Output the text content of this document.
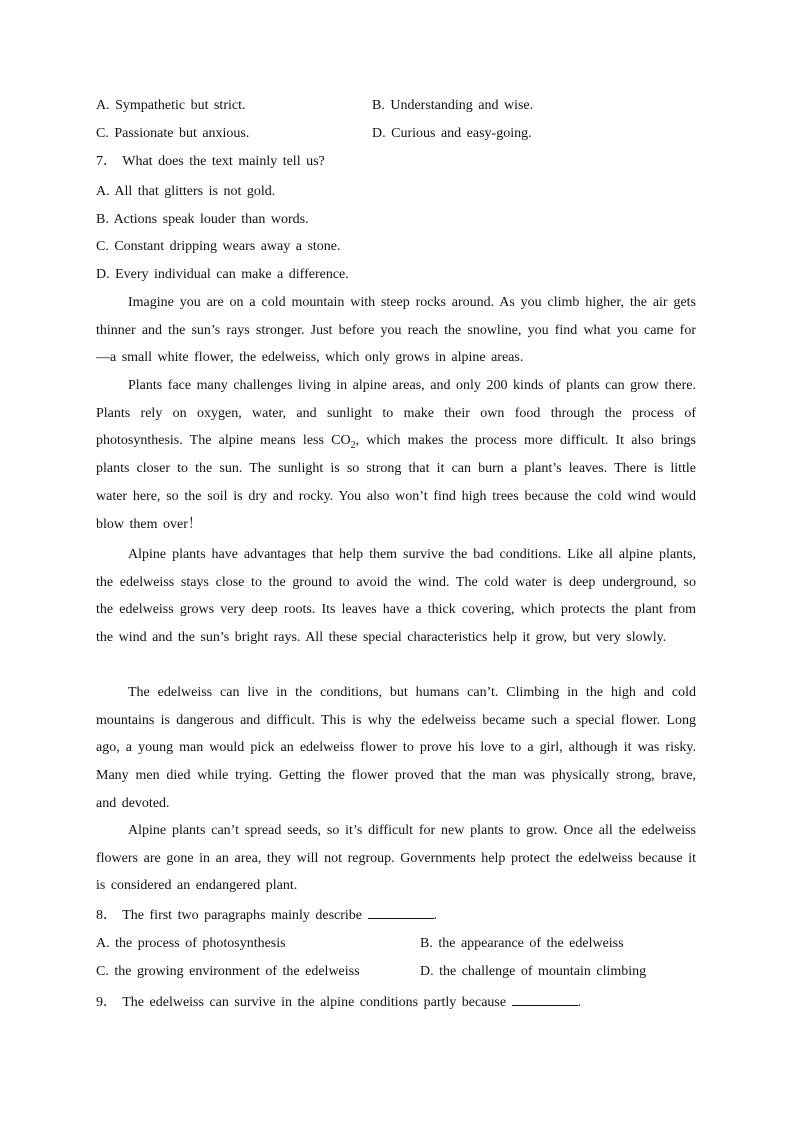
A. Sympathetic but strict.	B. Understanding and wise.
C. Passionate but anxious.	D. Curious and easy-going.
7． What does the text mainly tell us?
A. All that glitters is not gold.
B. Actions speak louder than words.
C. Constant dripping wears away a stone.
D. Every individual can make a difference.
Imagine you are on a cold mountain with steep rocks around. As you climb higher, the air gets thinner and the sun’s rays stronger. Just before you reach the snowline, you find what you came for—a small white flower, the edelweiss, which only grows in alpine areas.
Plants face many challenges living in alpine areas, and only 200 kinds of plants can grow there. Plants rely on oxygen, water, and sunlight to make their own food through the process of photosynthesis. The alpine means less $CO_2$, which makes the process more difficult. It also brings plants closer to the sun. The sunlight is so strong that it can burn a plant’s leaves. There is little water here, so the soil is dry and rocky. You also won’t find high trees because the cold wind would blow them over！
Alpine plants have advantages that help them survive the bad conditions. Like all alpine plants, the edelweiss stays close to the ground to avoid the wind. The cold water is deep underground, so the edelweiss grows very deep roots. Its leaves have a thick covering, which protects the plant from the wind and the sun’s bright rays. All these special characteristics help it grow, but very slowly.
The edelweiss can live in the conditions, but humans can’t. Climbing in the high and cold mountains is dangerous and difficult. This is why the edelweiss became such a special flower. Long ago, a young man would pick an edelweiss flower to prove his love to a girl, although it was risky. Many men died while trying. Getting the flower proved that the man was physically strong, brave, and devoted.
Alpine plants can’t spread seeds, so it’s difficult for new plants to grow. Once all the edelweiss flowers are gone in an area, they will not regroup. Governments help protect the edelweiss because it is considered an endangered plant.
8． The first two paragraphs mainly describe	.
A. the process of photosynthesis	B. the appearance of the edelweiss
C. the growing environment of the edelweiss	D. the challenge of mountain climbing
9． The edelweiss can survive in the alpine conditions partly because	.
